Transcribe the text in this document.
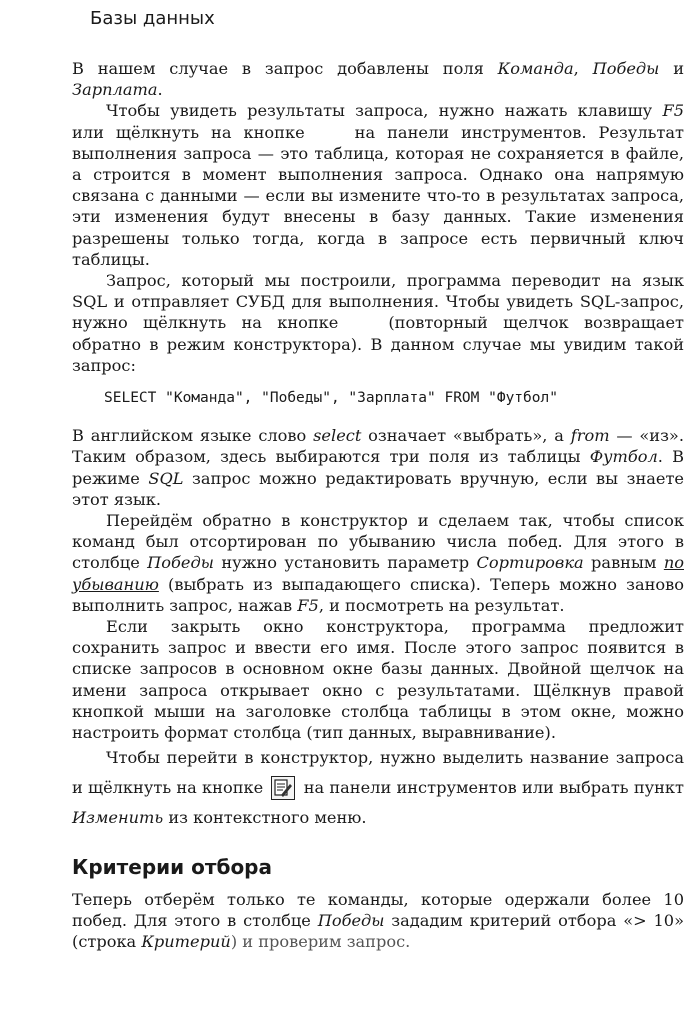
Базы данных

В нашем случае в запрос добавлены поля Команда, Победы и Зарплата.

Чтобы увидеть результаты запроса, нужно нажать клавишу F5 или щёлкнуть на кнопке	на панели инструментов. Результат выполнения запроса — это таблица, которая не сохраняется в файле, а строится в момент выполнения запроса. Однако она напрямую связана с данными — если вы измените что-то в результатах запроса, эти изменения будут внесены в базу данных. Такие изменения разрешены только тогда, когда в запросе есть первичный ключ таблицы.

Запрос, который мы построили, программа переводит на язык SQL и отправляет СУБД для выполнения. Чтобы увидеть SQL-запрос, нужно щёлкнуть на кнопке	(повторный щелчок возвращает обратно в режим конструктора). В данном случае мы увидим такой запрос:

SELECT "Команда", "Победы", "Зарплата" FROM "Футбол"

В английском языке слово select означает «выбрать», а from — «из». Таким образом, здесь выбираются три поля из таблицы Футбол. В режиме SQL запрос можно редактировать вручную, если вы знаете этот язык.

Перейдём обратно в конструктор и сделаем так, чтобы список команд был отсортирован по убыванию числа побед. Для этого в столбце Победы нужно установить параметр Сортировка равным по убыванию (выбрать из выпадающего списка). Теперь можно заново выполнить запрос, нажав F5, и посмотреть на результат.

Если закрыть окно конструктора, программа предложит сохранить запрос и ввести его имя. После этого запрос появится в списке запросов в основном окне базы данных. Двойной щелчок на имени запроса открывает окно с результатами. Щёлкнув правой кнопкой мыши на заголовке столбца таблицы в этом окне, можно настроить формат столбца (тип данных, выравнивание).

Чтобы перейти в конструктор, нужно выделить название запроса и щёлкнуть на кнопке	на панели инструментов или выбрать пункт Изменить из контекстного меню.

Критерии отбора

Теперь отберём только те команды, которые одержали более 10 побед. Для этого в столбце Победы зададим критерий отбора «> 10» (строка Критерий) и проверим запрос.
